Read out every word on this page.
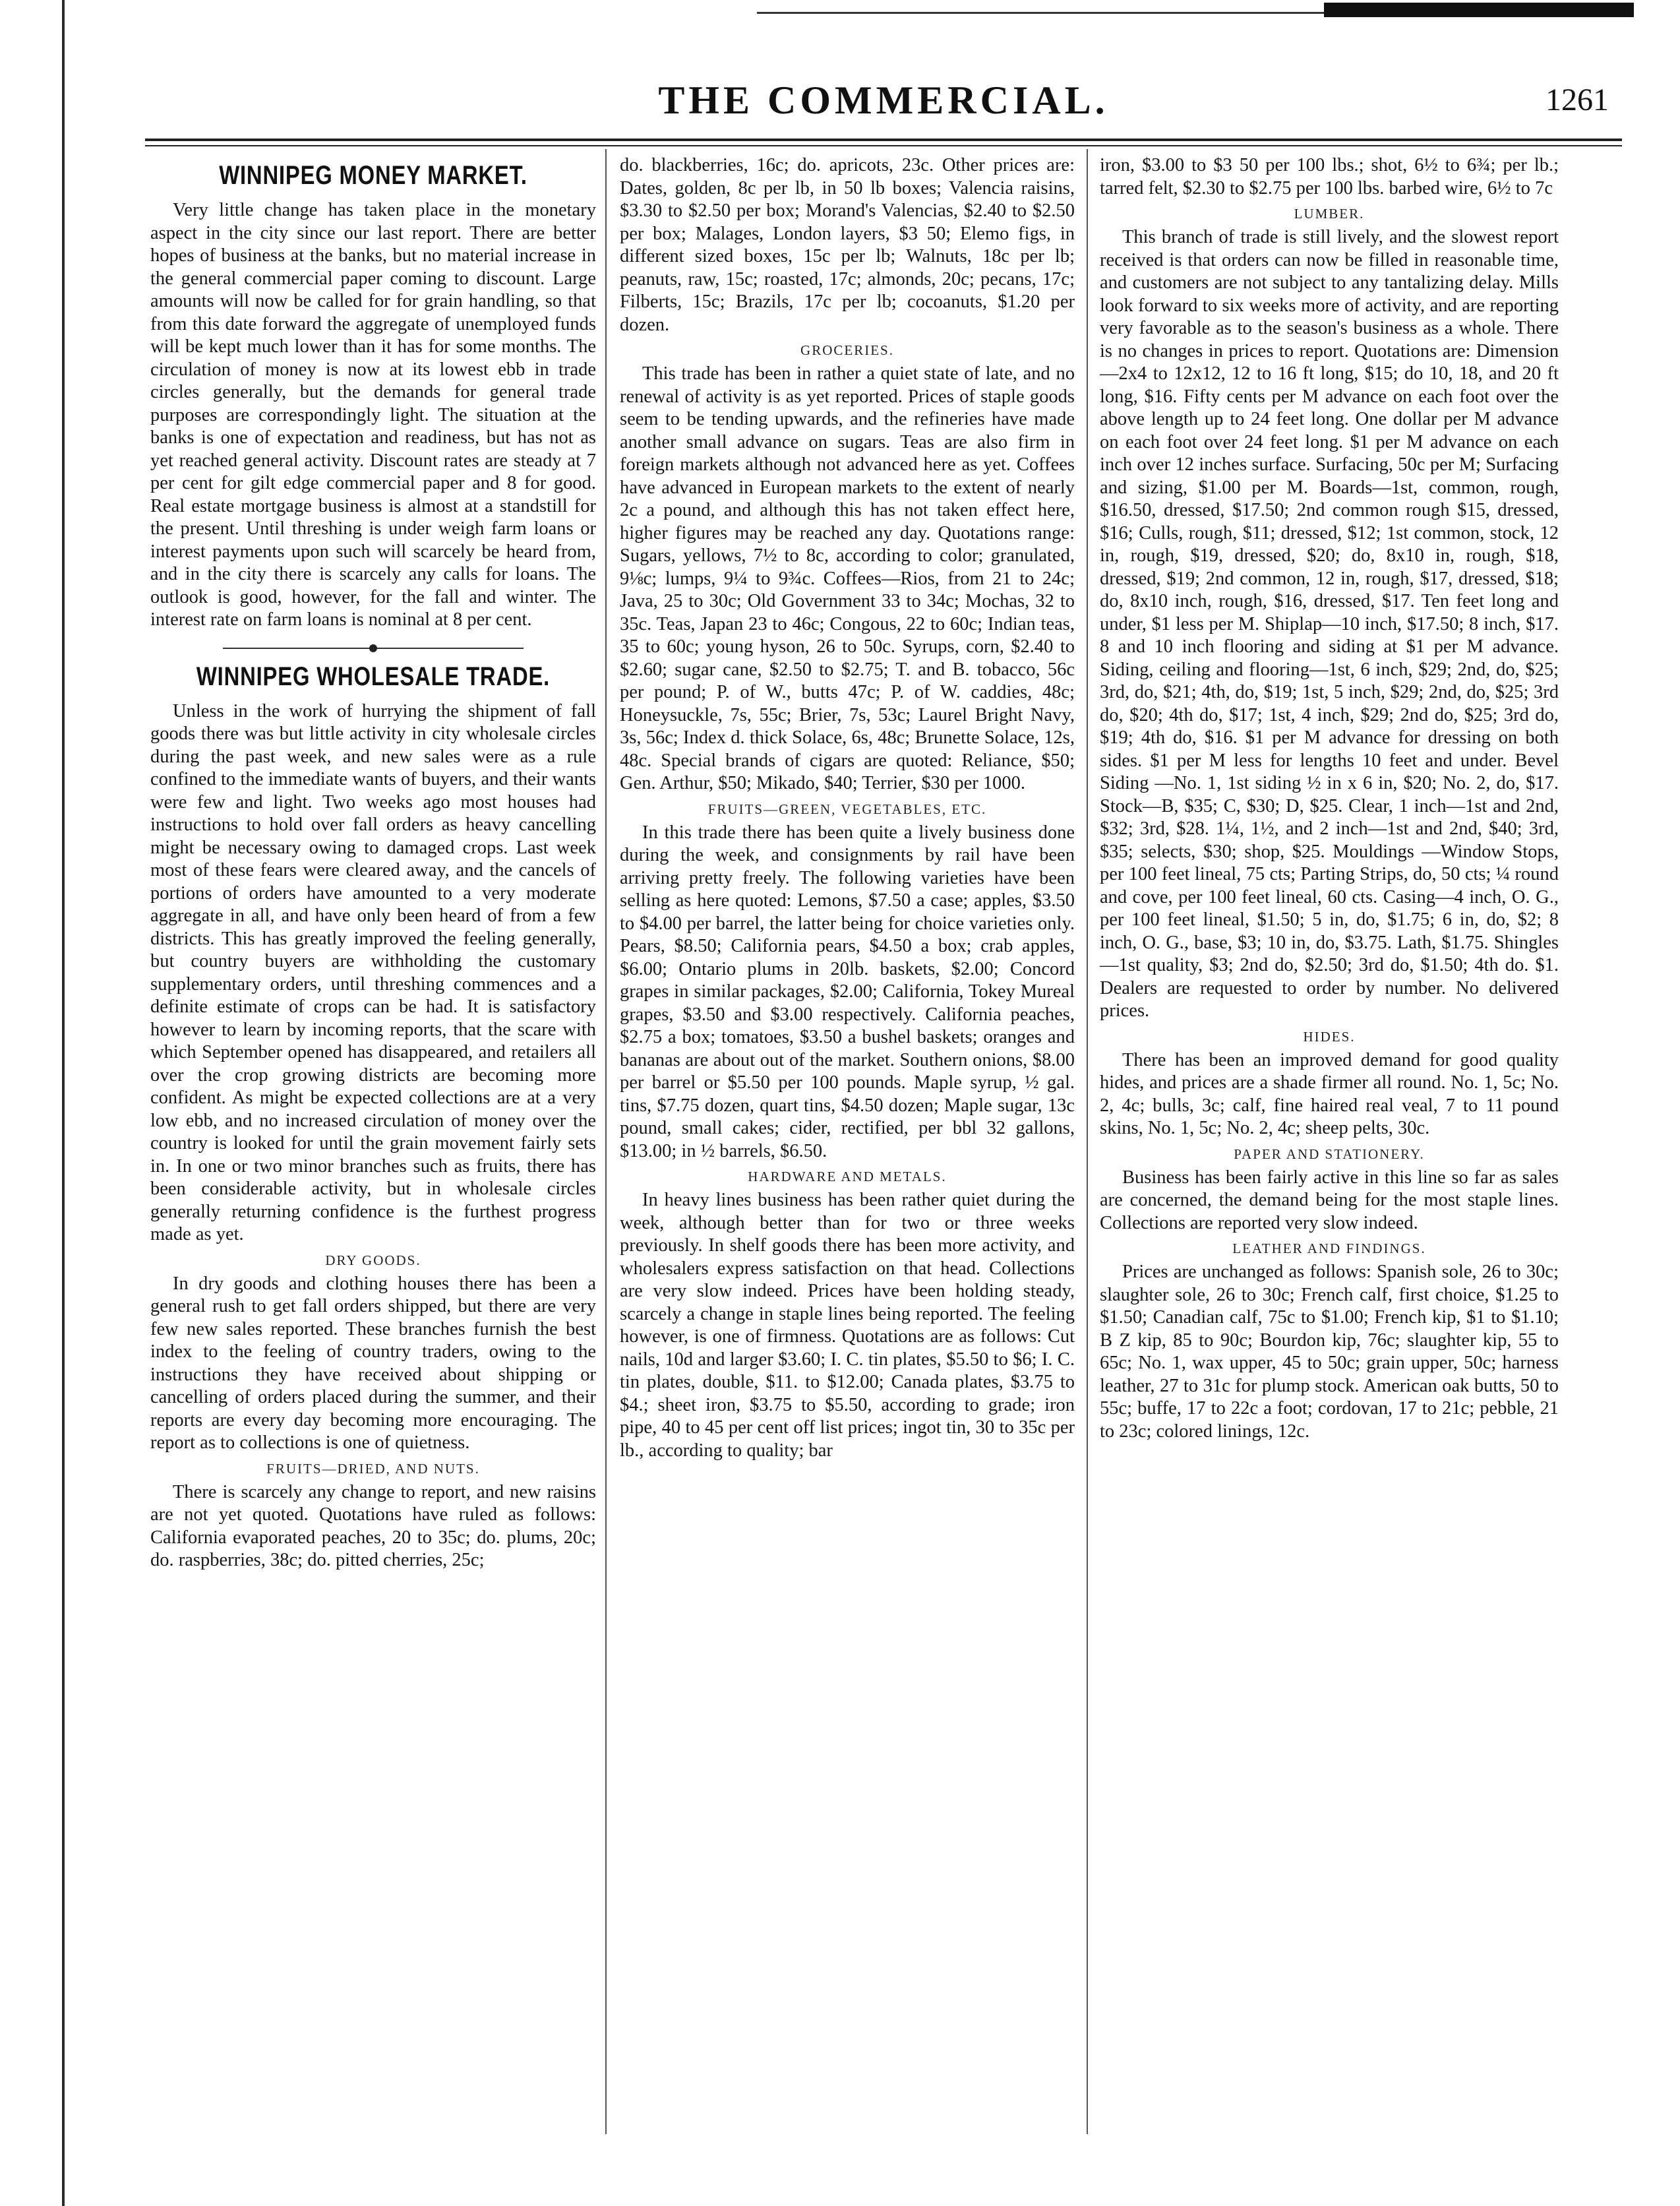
THE COMMERCIAL.	1261
WINNIPEG MONEY MARKET.

Very little change has taken place in the monetary aspect in the city since our last report. There are better hopes of business at the banks, but no material increase in the general commercial paper coming to discount. Large amounts will now be called for for grain handling, so that from this date forward the aggregate of unemployed funds will be kept much lower than it has for some months. The circulation of money is now at its lowest ebb in trade circles generally, but the demands for general trade purposes are correspondingly light. The situation at the banks is one of expectation and readiness, but has not as yet reached general activity. Discount rates are steady at 7 per cent for gilt edge commercial paper and 8 for good. Real estate mortgage business is almost at a standstill for the present. Until threshing is under weigh farm loans or interest payments upon such will scarcely be heard from, and in the city there is scarcely any calls for loans. The outlook is good, however, for the fall and winter. The interest rate on farm loans is nominal at 8 per cent.

WINNIPEG WHOLESALE TRADE.

Unless in the work of hurrying the shipment of fall goods there was but little activity in city wholesale circles during the past week, and new sales were as a rule confined to the immediate wants of buyers, and their wants were few and light. Two weeks ago most houses had instructions to hold over fall orders as heavy cancelling might be necessary owing to damaged crops. Last week most of these fears were cleared away, and the cancels of portions of orders have amounted to a very moderate aggregate in all, and have only been heard of from a few districts. This has greatly improved the feeling generally, but country buyers are withholding the customary supplementary orders, until threshing commences and a definite estimate of crops can be had. It is satisfactory however to learn by incoming reports, that the scare with which September opened has disappeared, and retailers all over the crop growing districts are becoming more confident. As might be expected collections are at a very low ebb, and no increased circulation of money over the country is looked for until the grain movement fairly sets in. In one or two minor branches such as fruits, there has been considerable activity, but in wholesale circles generally returning confidence is the furthest progress made as yet.

DRY GOODS.

In dry goods and clothing houses there has been a general rush to get fall orders shipped, but there are very few new sales reported. These branches furnish the best index to the feeling of country traders, owing to the instructions they have received about shipping or cancelling of orders placed during the summer, and their reports are every day becoming more encouraging. The report as to collections is one of quietness.

FRUITS—DRIED, AND NUTS.

There is scarcely any change to report, and new raisins are not yet quoted. Quotations have ruled as follows: California evaporated peaches, 20 to 35c; do. plums, 20c; do. raspberries, 38c; do. pitted cherries, 25c;

do. blackberries, 16c; do. apricots, 23c. Other prices are: Dates, golden, 8c per lb, in 50 lb boxes; Valencia raisins, $3.30 to $2.50 per box; Morand's Valencias, $2.40 to $2.50 per box; Malages, London layers, $3 50; Elemo figs, in different sized boxes, 15c per lb; Walnuts, 18c per lb; peanuts, raw, 15c; roasted, 17c; almonds, 20c; pecans, 17c; Filberts, 15c; Brazils, 17c per lb; cocoanuts, $1.20 per dozen.

GROCERIES.

This trade has been in rather a quiet state of late, and no renewal of activity is as yet reported. Prices of staple goods seem to be tending upwards, and the refineries have made another small advance on sugars. Teas are also firm in foreign markets although not advanced here as yet. Coffees have advanced in European markets to the extent of nearly 2c a pound, and although this has not taken effect here, higher figures may be reached any day. Quotations range: Sugars, yellows, 7½ to 8c, according to color; granulated, 9⅛c; lumps, 9¼ to 9¾c. Coffees—Rios, from 21 to 24c; Java, 25 to 30c; Old Government 33 to 34c; Mochas, 32 to 35c. Teas, Japan 23 to 46c; Congous, 22 to 60c; Indian teas, 35 to 60c; young hyson, 26 to 50c. Syrups, corn, $2.40 to $2.60; sugar cane, $2.50 to $2.75; T. and B. tobacco, 56c per pound; P. of W., butts 47c; P. of W. caddies, 48c; Honeysuckle, 7s, 55c; Brier, 7s, 53c; Laurel Bright Navy, 3s, 56c; Index d. thick Solace, 6s, 48c; Brunette Solace, 12s, 48c. Special brands of cigars are quoted: Reliance, $50; Gen. Arthur, $50; Mikado, $40; Terrier, $30 per 1000.

FRUITS—GREEN, VEGETABLES, ETC.

In this trade there has been quite a lively business done during the week, and consignments by rail have been arriving pretty freely. The following varieties have been selling as here quoted: Lemons, $7.50 a case; apples, $3.50 to $4.00 per barrel, the latter being for choice varieties only. Pears, $8.50; California pears, $4.50 a box; crab apples, $6.00; Ontario plums in 20lb. baskets, $2.00; Concord grapes in similar packages, $2.00; California, Tokey Mureal grapes, $3.50 and $3.00 respectively. California peaches, $2.75 a box; tomatoes, $3.50 a bushel baskets; oranges and bananas are about out of the market. Southern onions, $8.00 per barrel or $5.50 per 100 pounds. Maple syrup, ½ gal. tins, $7.75 dozen, quart tins, $4.50 dozen; Maple sugar, 13c pound, small cakes; cider, rectified, per bbl 32 gallons, $13.00; in ½ barrels, $6.50.

HARDWARE AND METALS.

In heavy lines business has been rather quiet during the week, although better than for two or three weeks previously. In shelf goods there has been more activity, and wholesalers express satisfaction on that head. Collections are very slow indeed. Prices have been holding steady, scarcely a change in staple lines being reported. The feeling however, is one of firmness. Quotations are as follows: Cut nails, 10d and larger $3.60; I. C. tin plates, $5.50 to $6; I. C. tin plates, double, $11. to $12.00; Canada plates, $3.75 to $4.; sheet iron, $3.75 to $5.50, according to grade; iron pipe, 40 to 45 per cent off list prices; ingot tin, 30 to 35c per lb., according to quality; bar

iron, $3.00 to $3 50 per 100 lbs.; shot, 6½ to 6¾; per lb.; tarred felt, $2.30 to $2.75 per 100 lbs. barbed wire, 6½ to 7c

LUMBER.

This branch of trade is still lively, and the slowest report received is that orders can now be filled in reasonable time, and customers are not subject to any tantalizing delay. Mills look forward to six weeks more of activity, and are reporting very favorable as to the season's business as a whole. There is no changes in prices to report. Quotations are: Dimension—2x4 to 12x12, 12 to 16 ft long, $15; do 10, 18, and 20 ft long, $16. Fifty cents per M advance on each foot over the above length up to 24 feet long. One dollar per M advance on each foot over 24 feet long. $1 per M advance on each inch over 12 inches surface. Surfacing, 50c per M; Surfacing and sizing, $1.00 per M. Boards—1st, common, rough, $16.50, dressed, $17.50; 2nd common rough $15, dressed, $16; Culls, rough, $11; dressed, $12; 1st common, stock, 12 in, rough, $19, dressed, $20; do, 8x10 in, rough, $18, dressed, $19; 2nd common, 12 in, rough, $17, dressed, $18; do, 8x10 inch, rough, $16, dressed, $17. Ten feet long and under, $1 less per M. Shiplap—10 inch, $17.50; 8 inch, $17. 8 and 10 inch flooring and siding at $1 per M advance. Siding, ceiling and flooring—1st, 6 inch, $29; 2nd, do, $25; 3rd, do, $21; 4th, do, $19; 1st, 5 inch, $29; 2nd, do, $25; 3rd do, $20; 4th do, $17; 1st, 4 inch, $29; 2nd do, $25; 3rd do, $19; 4th do, $16. $1 per M advance for dressing on both sides. $1 per M less for lengths 10 feet and under. Bevel Siding —No. 1, 1st siding ½ in x 6 in, $20; No. 2, do, $17. Stock—B, $35; C, $30; D, $25. Clear, 1 inch—1st and 2nd, $32; 3rd, $28. 1¼, 1½, and 2 inch—1st and 2nd, $40; 3rd, $35; selects, $30; shop, $25. Mouldings —Window Stops, per 100 feet lineal, 75 cts; Parting Strips, do, 50 cts; ¼ round and cove, per 100 feet lineal, 60 cts. Casing—4 inch, O. G., per 100 feet lineal, $1.50; 5 in, do, $1.75; 6 in, do, $2; 8 inch, O. G., base, $3; 10 in, do, $3.75. Lath, $1.75. Shingles—1st quality, $3; 2nd do, $2.50; 3rd do, $1.50; 4th do. $1. Dealers are requested to order by number. No delivered prices.

HIDES.

There has been an improved demand for good quality hides, and prices are a shade firmer all round. No. 1, 5c; No. 2, 4c; bulls, 3c; calf, fine haired real veal, 7 to 11 pound skins, No. 1, 5c; No. 2, 4c; sheep pelts, 30c.

PAPER AND STATIONERY.

Business has been fairly active in this line so far as sales are concerned, the demand being for the most staple lines. Collections are reported very slow indeed.

LEATHER AND FINDINGS.

Prices are unchanged as follows: Spanish sole, 26 to 30c; slaughter sole, 26 to 30c; French calf, first choice, $1.25 to $1.50; Canadian calf, 75c to $1.00; French kip, $1 to $1.10; B Z kip, 85 to 90c; Bourdon kip, 76c; slaughter kip, 55 to 65c; No. 1, wax upper, 45 to 50c; grain upper, 50c; harness leather, 27 to 31c for plump stock. American oak butts, 50 to 55c; buffe, 17 to 22c a foot; cordovan, 17 to 21c; pebble, 21 to 23c; colored linings, 12c.
